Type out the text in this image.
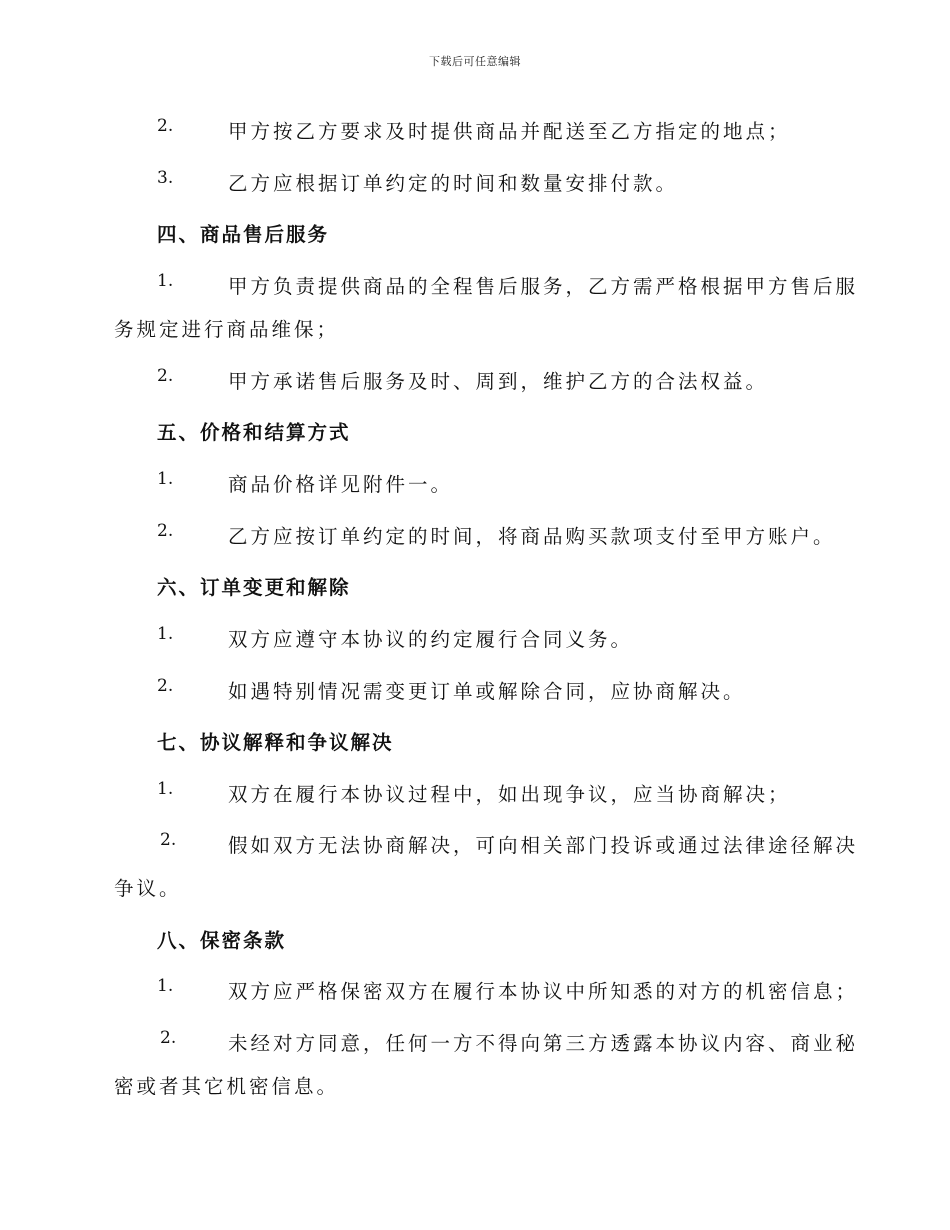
下载后可任意编辑
2.	甲方按乙方要求及时提供商品并配送至乙方指定的地点；
3.	乙方应根据订单约定的时间和数量安排付款。
四、商品售后服务
1.	甲方负责提供商品的全程售后服务，乙方需严格根据甲方售后服
务规定进行商品维保；
2.	甲方承诺售后服务及时、周到，维护乙方的合法权益。
五、价格和结算方式
1.	商品价格详见附件一。
2.	乙方应按订单约定的时间，将商品购买款项支付至甲方账户。
六、订单变更和解除
1.	双方应遵守本协议的约定履行合同义务。
2.	如遇特别情况需变更订单或解除合同，应协商解决。
七、协议解释和争议解决
1.	双方在履行本协议过程中，如出现争议，应当协商解决；
2.	假如双方无法协商解决，可向相关部门投诉或通过法律途径解决
争议。
八、保密条款
1.	双方应严格保密双方在履行本协议中所知悉的对方的机密信息；
2.	未经对方同意，任何一方不得向第三方透露本协议内容、商业秘
密或者其它机密信息。
